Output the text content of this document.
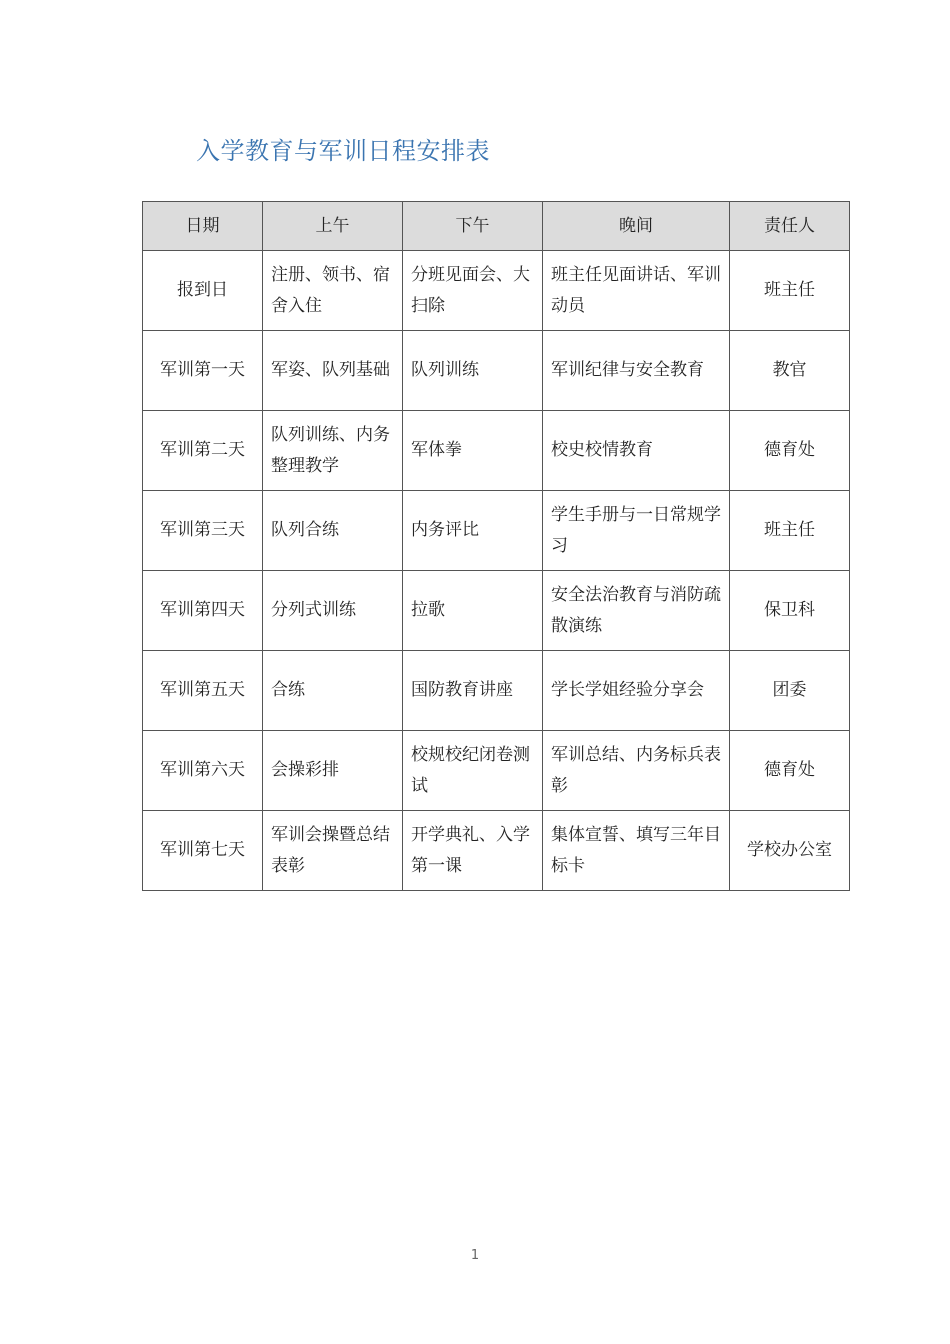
入学教育与军训日程安排表
日期	上午	下午	晚间	责任人
报到日	注册、领书、宿舍入住	分班见面会、大扫除	班主任见面讲话、军训动员	班主任
军训第一天	军姿、队列基础	队列训练	军训纪律与安全教育	教官
军训第二天	队列训练、内务整理教学	军体拳	校史校情教育	德育处
军训第三天	队列合练	内务评比	学生手册与一日常规学习	班主任
军训第四天	分列式训练	拉歌	安全法治教育与消防疏散演练	保卫科
军训第五天	合练	国防教育讲座	学长学姐经验分享会	团委
军训第六天	会操彩排	校规校纪闭卷测试	军训总结、内务标兵表彰	德育处
军训第七天	军训会操暨总结表彰	开学典礼、入学第一课	集体宣誓、填写三年目标卡	学校办公室
1
